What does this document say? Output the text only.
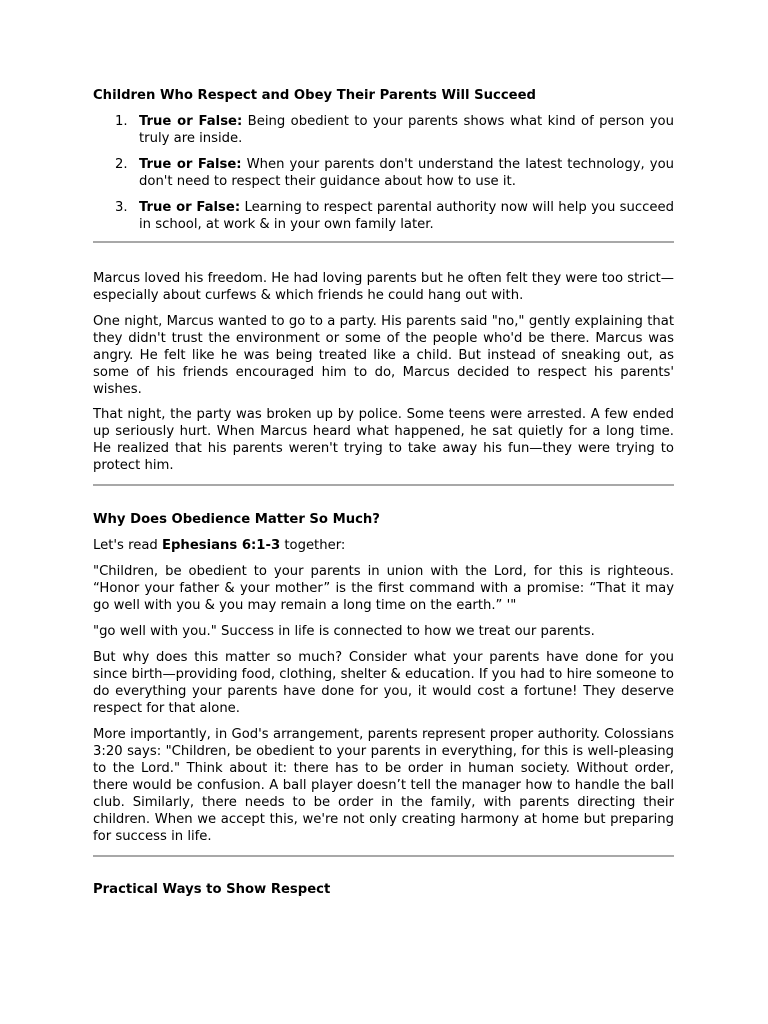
Children Who Respect and Obey Their Parents Will Succeed
1. True or False: Being obedient to your parents shows what kind of person you truly are inside.
2. True or False: When your parents don't understand the latest technology, you don't need to respect their guidance about how to use it.
3. True or False: Learning to respect parental authority now will help you succeed in school, at work & in your own family later.

Marcus loved his freedom. He had loving parents but he often felt they were too strict—especially about curfews & which friends he could hang out with.

One night, Marcus wanted to go to a party. His parents said "no," gently explaining that they didn't trust the environment or some of the people who'd be there. Marcus was angry. He felt like he was being treated like a child. But instead of sneaking out, as some of his friends encouraged him to do, Marcus decided to respect his parents' wishes.

That night, the party was broken up by police. Some teens were arrested. A few ended up seriously hurt. When Marcus heard what happened, he sat quietly for a long time. He realized that his parents weren't trying to take away his fun—they were trying to protect him.

Why Does Obedience Matter So Much?

Let's read Ephesians 6:1-3 together:

"Children, be obedient to your parents in union with the Lord, for this is righteous. “Honor your father & your mother” is the first command with a promise: “That it may go well with you & you may remain a long time on the earth.” '"

"go well with you." Success in life is connected to how we treat our parents.

But why does this matter so much? Consider what your parents have done for you since birth—providing food, clothing, shelter & education. If you had to hire someone to do everything your parents have done for you, it would cost a fortune! They deserve respect for that alone.

More importantly, in God's arrangement, parents represent proper authority. Colossians 3:20 says: "Children, be obedient to your parents in everything, for this is well-pleasing to the Lord." Think about it: there has to be order in human society. Without order, there would be confusion. A ball player doesn’t tell the manager how to handle the ball club. Similarly, there needs to be order in the family, with parents directing their children. When we accept this, we're not only creating harmony at home but preparing for success in life.

Practical Ways to Show Respect
